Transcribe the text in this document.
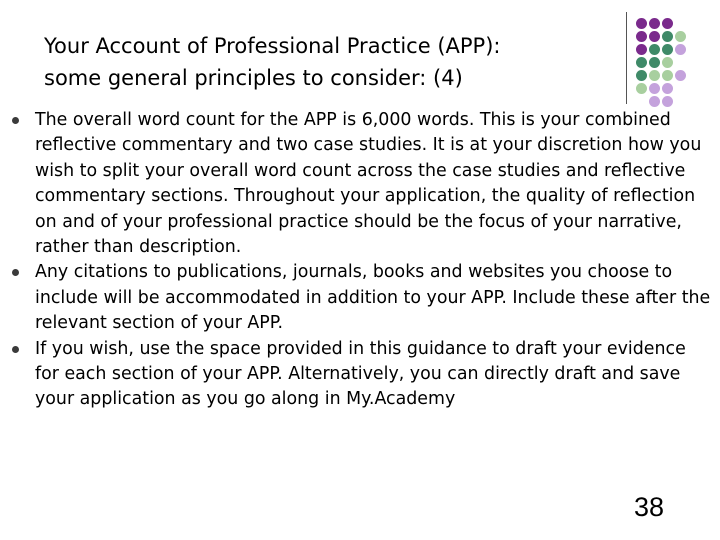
Your Account of Professional Practice (APP):
some general principles to consider: (4)
The overall word count for the APP is 6,000 words. This is your combined reflective commentary and two case studies. It is at your discretion how you wish to split your overall word count across the case studies and reflective commentary sections. Throughout your application, the quality of reflection on and of your professional practice should be the focus of your narrative, rather than description.
Any citations to publications, journals, books and websites you choose to include will be accommodated in addition to your APP. Include these after the relevant section of your APP.
If you wish, use the space provided in this guidance to draft your evidence for each section of your APP. Alternatively, you can directly draft and save your application as you go along in My.Academy
38
